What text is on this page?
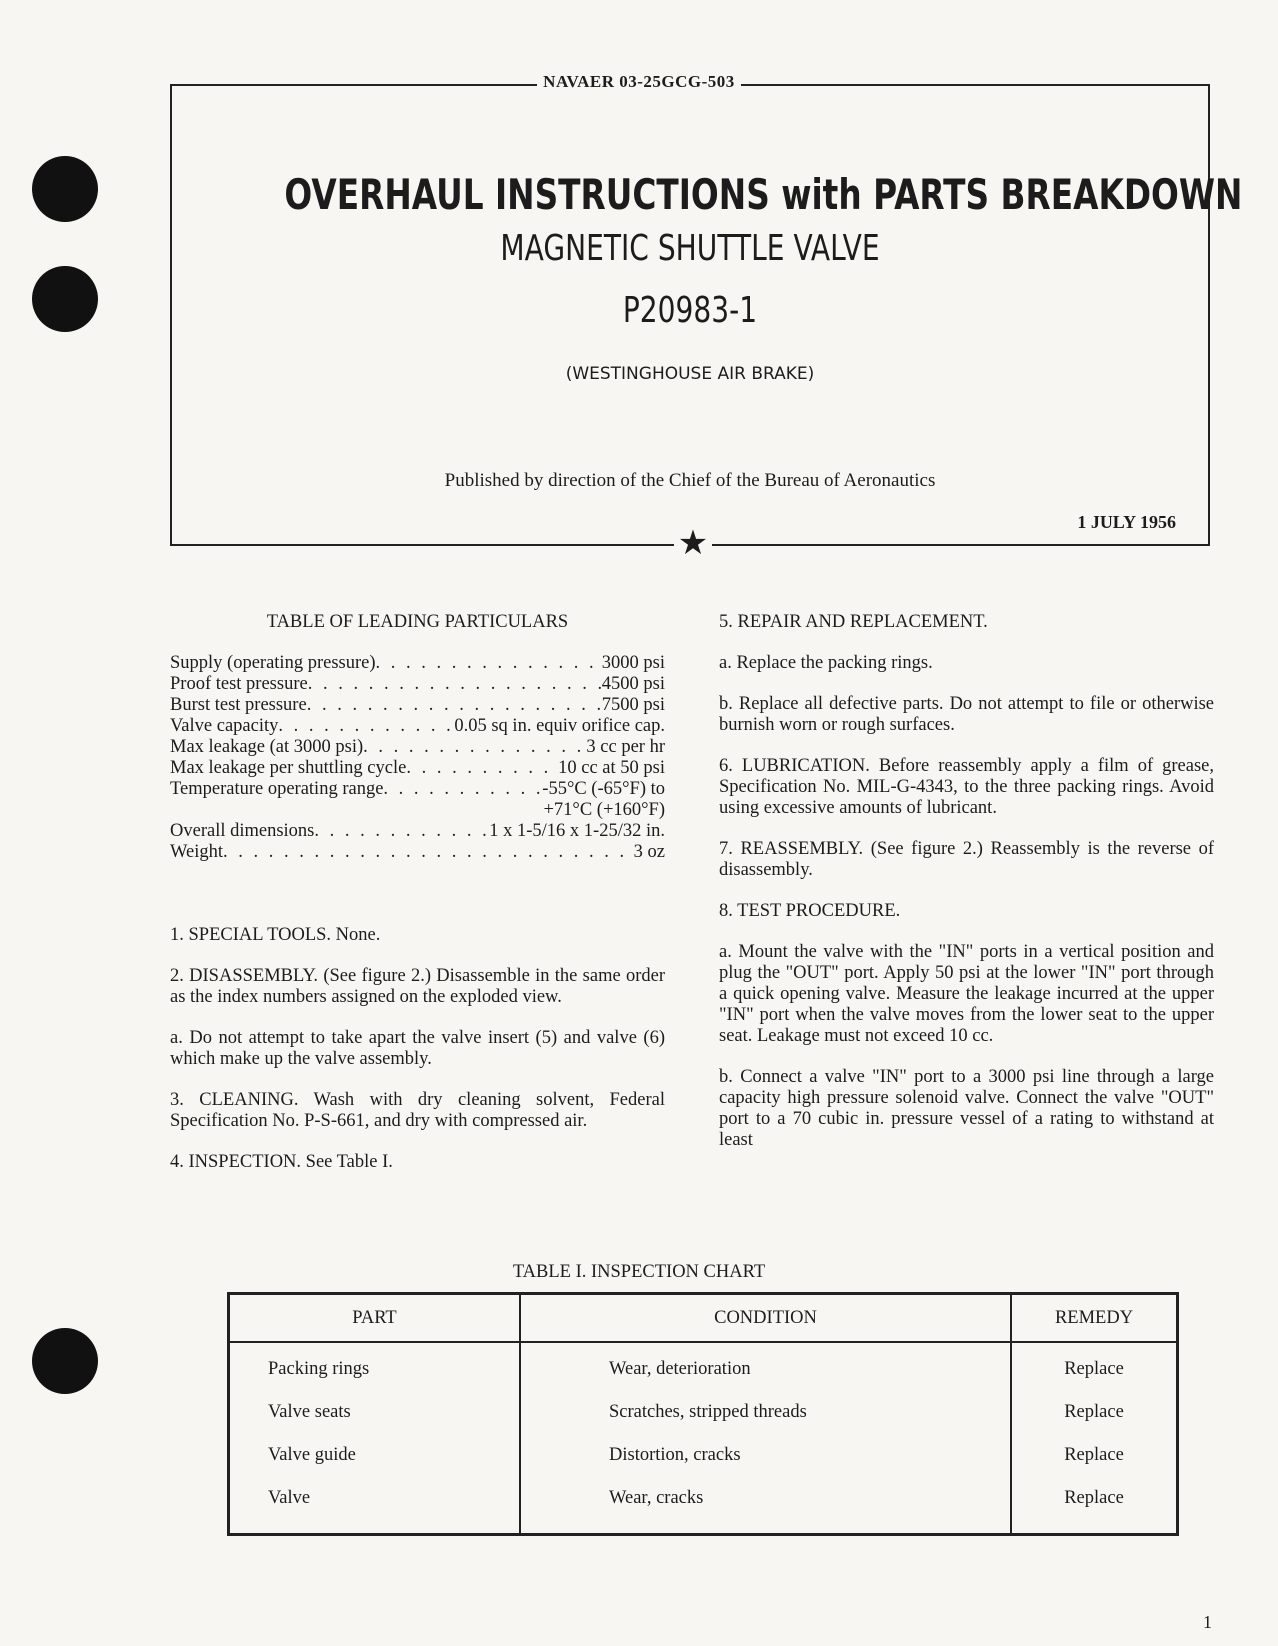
★
NAVAER 03-25GCG-503
OVERHAUL INSTRUCTIONS with PARTS BREAKDOWN
MAGNETIC SHUTTLE VALVE
P20983-1
(WESTINGHOUSE AIR BRAKE)
Published by direction of the Chief of the Bureau of Aeronautics
1 JULY 1956
TABLE OF LEADING PARTICULARS
Supply (operating pressure) . . .	3000 psi
Proof test pressure . . .	4500 psi
Burst test pressure . . .	7500 psi
Valve capacity . . .	0.05 sq in. equiv orifice cap.
Max leakage (at 3000 psi) . . .	3 cc per hr
Max leakage per shuttling cycle . . .	10 cc at 50 psi
Temperature operating range . . .	-55°C (-65°F) to
+71°C (+160°F)
Overall dimensions . . .	1 x 1-5/16 x 1-25/32 in.
Weight . . .	3 oz

1. SPECIAL TOOLS. None.

2. DISASSEMBLY. (See figure 2.) Disassemble in the same order as the index numbers assigned on the exploded view.

a. Do not attempt to take apart the valve insert (5) and valve (6) which make up the valve assembly.

3. CLEANING. Wash with dry cleaning solvent, Federal Specification No. P-S-661, and dry with compressed air.

4. INSPECTION. See Table I.

5. REPAIR AND REPLACEMENT.

a. Replace the packing rings.

b. Replace all defective parts. Do not attempt to file or otherwise burnish worn or rough surfaces.

6. LUBRICATION. Before reassembly apply a film of grease, Specification No. MIL-G-4343, to the three packing rings. Avoid using excessive amounts of lubricant.

7. REASSEMBLY. (See figure 2.) Reassembly is the reverse of disassembly.

8. TEST PROCEDURE.

a. Mount the valve with the "IN" ports in a vertical position and plug the "OUT" port. Apply 50 psi at the lower "IN" port through a quick opening valve. Measure the leakage incurred at the upper "IN" port when the valve moves from the lower seat to the upper seat. Leakage must not exceed 10 cc.

b. Connect a valve "IN" port to a 3000 psi line through a large capacity high pressure solenoid valve. Connect the valve "OUT" port to a 70 cubic in. pressure vessel of a rating to withstand at least

TABLE I. INSPECTION CHART
PART	CONDITION	REMEDY
Packing rings	Wear, deterioration	Replace
Valve seats	Scratches, stripped threads	Replace
Valve guide	Distortion, cracks	Replace
Valve	Wear, cracks	Replace
1
